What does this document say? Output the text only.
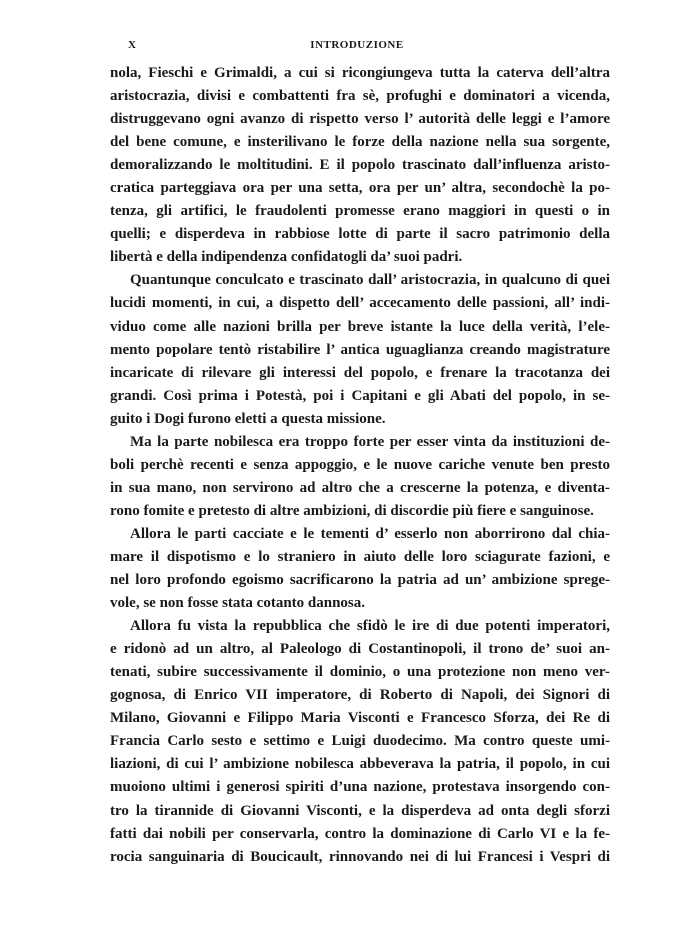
X	INTRODUZIONE
nola, Fieschi e Grimaldi, a cui si ricongiungeva tutta la caterva dell’altra
aristocrazia, divisi e combattenti fra sè, profughi e dominatori a vicenda,
distruggevano ogni avanzo di rispetto verso l’ autorità delle leggi e l’amore
del bene comune, e insterilivano le forze della nazione nella sua sorgente,
demoralizzando le moltitudini. E il popolo trascinato dall’influenza aristo-
cratica parteggiava ora per una setta, ora per un’ altra, secondochè la po-
tenza, gli artifici, le fraudolenti promesse erano maggiori in questi o in
quelli; e disperdeva in rabbiose lotte di parte il sacro patrimonio della
libertà e della indipendenza confidatogli da’ suoi padri.
Quantunque conculcato e trascinato dall’ aristocrazia, in qualcuno di quei
lucidi momenti, in cui, a dispetto dell’ accecamento delle passioni, all’ indi-
viduo come alle nazioni brilla per breve istante la luce della verità, l’ele-
mento popolare tentò ristabilire l’ antica uguaglianza creando magistrature
incaricate di rilevare gli interessi del popolo, e frenare la tracotanza dei
grandi. Così prima i Potestà, poi i Capitani e gli Abati del popolo, in se-
guito i Dogi furono eletti a questa missione.
Ma la parte nobilesca era troppo forte per esser vinta da instituzioni de-
boli perchè recenti e senza appoggio, e le nuove cariche venute ben presto
in sua mano, non servirono ad altro che a crescerne la potenza, e diventa-
rono fomite e pretesto di altre ambizioni, di discordie più fiere e sanguinose.
Allora le parti cacciate e le tementi d’ esserlo non aborrirono dal chia-
mare il dispotismo e lo straniero in aiuto delle loro sciagurate fazioni, e
nel loro profondo egoismo sacrificarono la patria ad un’ ambizione sprege-
vole, se non fosse stata cotanto dannosa.
Allora fu vista la repubblica che sfidò le ire di due potenti imperatori,
e ridonò ad un altro, al Paleologo di Costantinopoli, il trono de’ suoi an-
tenati, subire successivamente il dominio, o una protezione non meno ver-
gognosa, di Enrico VII imperatore, di Roberto di Napoli, dei Signori di
Milano, Giovanni e Filippo Maria Visconti e Francesco Sforza, dei Re di
Francia Carlo sesto e settimo e Luigi duodecimo. Ma contro queste umi-
liazioni, di cui l’ ambizione nobilesca abbeverava la patria, il popolo, in cui
muoiono ultimi i generosi spiriti d’una nazione, protestava insorgendo con-
tro la tirannide di Giovanni Visconti, e la disperdeva ad onta degli sforzi
fatti dai nobili per conservarla, contro la dominazione di Carlo VI e la fe-
rocia sanguinaria di Boucicault, rinnovando nei di lui Francesi i Vespri di
